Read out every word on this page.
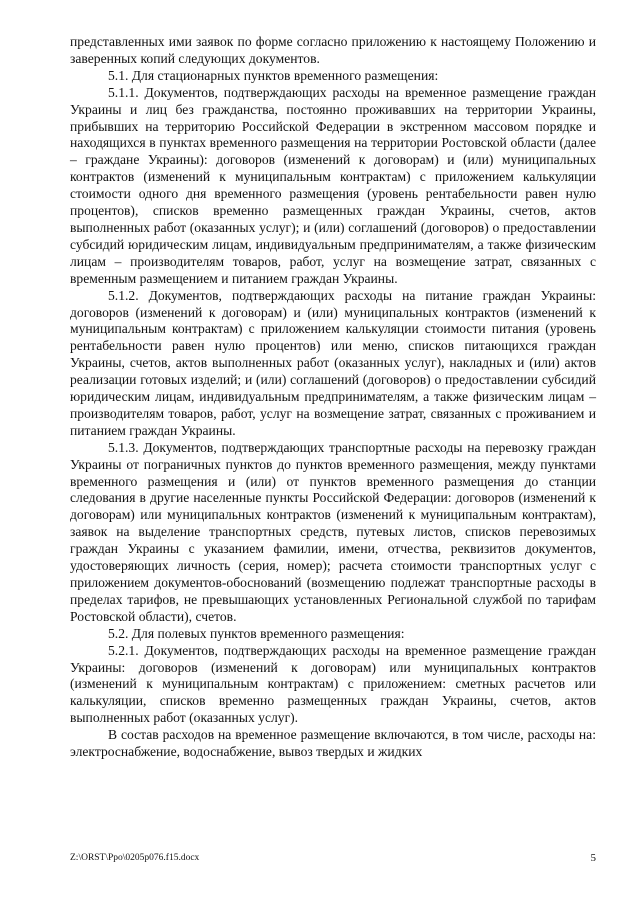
представленных ими заявок по форме согласно приложению к настоящему Положению и заверенных копий следующих документов.

5.1. Для стационарных пунктов временного размещения:

5.1.1. Документов, подтверждающих расходы на временное размещение граждан Украины и лиц без гражданства, постоянно проживавших на территории Украины, прибывших на территорию Российской Федерации в экстренном массовом порядке и находящихся в пунктах временного размещения на территории Ростовской области (далее – граждане Украины): договоров (изменений к договорам) и (или) муниципальных контрактов (изменений к муниципальным контрактам) с приложением калькуляции стоимости одного дня временного размещения (уровень рентабельности равен нулю процентов), списков временно размещенных граждан Украины, счетов, актов выполненных работ (оказанных услуг); и (или) соглашений (договоров) о предоставлении субсидий юридическим лицам, индивидуальным предпринимателям, а также физическим лицам – производителям товаров, работ, услуг на возмещение затрат, связанных с временным размещением и питанием граждан Украины.

5.1.2. Документов, подтверждающих расходы на питание граждан Украины: договоров (изменений к договорам) и (или) муниципальных контрактов (изменений к муниципальным контрактам) с приложением калькуляции стоимости питания (уровень рентабельности равен нулю процентов) или меню, списков питающихся граждан Украины, счетов, актов выполненных работ (оказанных услуг), накладных и (или) актов реализации готовых изделий; и (или) соглашений (договоров) о предоставлении субсидий юридическим лицам, индивидуальным предпринимателям, а также физическим лицам – производителям товаров, работ, услуг на возмещение затрат, связанных с проживанием и питанием граждан Украины.

5.1.3. Документов, подтверждающих транспортные расходы на перевозку граждан Украины от пограничных пунктов до пунктов временного размещения, между пунктами временного размещения и (или) от пунктов временного размещения до станции следования в другие населенные пункты Российской Федерации: договоров (изменений к договорам) или муниципальных контрактов (изменений к муниципальным контрактам), заявок на выделение транспортных средств, путевых листов, списков перевозимых граждан Украины с указанием фамилии, имени, отчества, реквизитов документов, удостоверяющих личность (серия, номер); расчета стоимости транспортных услуг с приложением документов-обоснований (возмещению подлежат транспортные расходы в пределах тарифов, не превышающих установленных Региональной службой по тарифам Ростовской области), счетов.

5.2. Для полевых пунктов временного размещения:

5.2.1. Документов, подтверждающих расходы на временное размещение граждан Украины: договоров (изменений к договорам) или муниципальных контрактов (изменений к муниципальным контрактам) с приложением: сметных расчетов или калькуляции, списков временно размещенных граждан Украины, счетов, актов выполненных работ (оказанных услуг).

В состав расходов на временное размещение включаются, в том числе, расходы на: электроснабжение, водоснабжение, вывоз твердых и жидких

Z:\ORST\Ppo\0205p076.f15.docx	5
